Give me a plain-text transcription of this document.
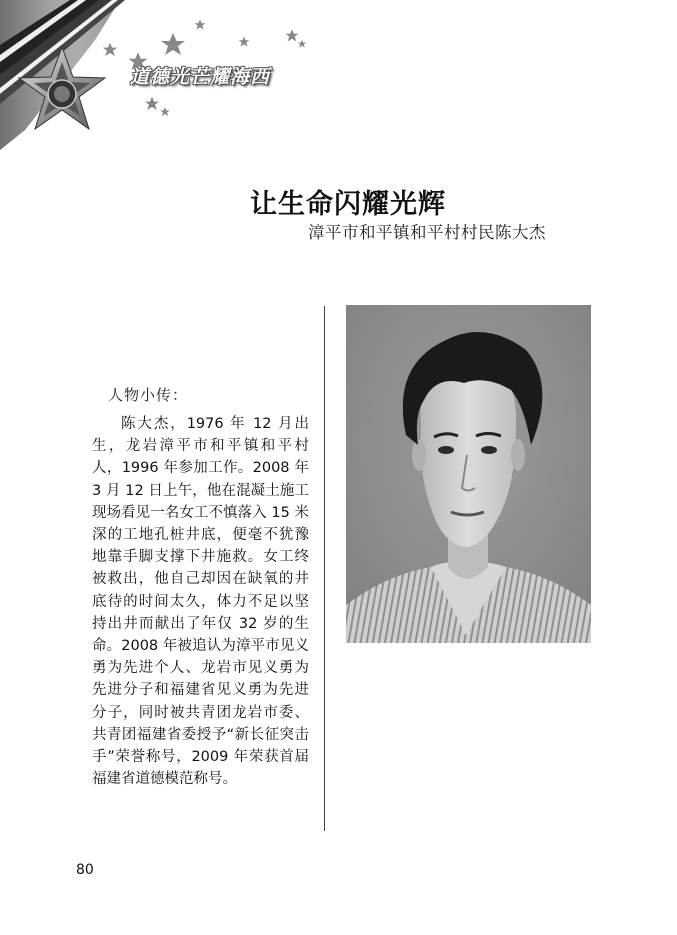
道德光芒耀海西
让生命闪耀光辉
漳平市和平镇和平村村民陈大杰
人物小传：
陈大杰，1976 年 12 月出生，龙岩漳平市和平镇和平村人，1996 年参加工作。2008 年 3 月 12 日上午，他在混凝土施工现场看见一名女工不慎落入 15 米深的工地孔桩井底，便毫不犹豫地靠手脚支撑下井施救。女工终被救出，他自己却因在缺氧的井底待的时间太久，体力不足以坚持出井而献出了年仅 32 岁的生命。2008 年被追认为漳平市见义勇为先进个人、龙岩市见义勇为先进分子和福建省见义勇为先进分子，同时被共青团龙岩市委、共青团福建省委授予“新长征突击手”荣誉称号，2009 年荣获首届福建省道德模范称号。
80
